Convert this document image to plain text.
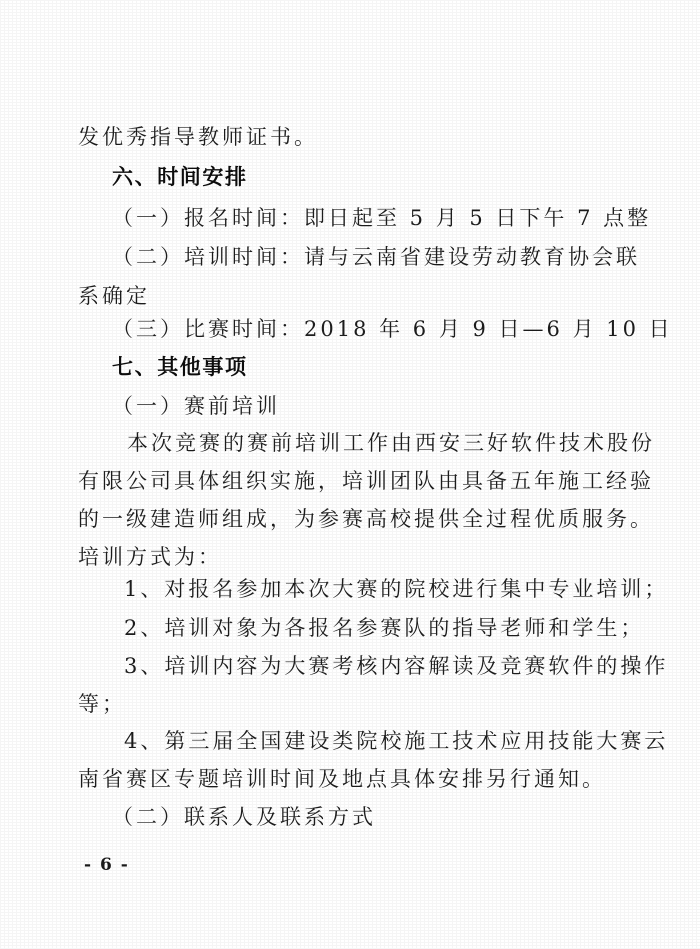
发优秀指导教师证书。
六、时间安排
（一）报名时间：即日起至 5 月 5 日下午 7 点整
（二）培训时间：请与云南省建设劳动教育协会联
系确定
（三）比赛时间：2018 年 6 月 9 日—6 月 10 日
七、其他事项
（一）赛前培训
本次竞赛的赛前培训工作由西安三好软件技术股份
有限公司具体组织实施，培训团队由具备五年施工经验
的一级建造师组成，为参赛高校提供全过程优质服务。
培训方式为：
1、对报名参加本次大赛的院校进行集中专业培训；
2、培训对象为各报名参赛队的指导老师和学生；
3、培训内容为大赛考核内容解读及竞赛软件的操作
等；
4、第三届全国建设类院校施工技术应用技能大赛云
南省赛区专题培训时间及地点具体安排另行通知。
（二）联系人及联系方式
- 6 -
